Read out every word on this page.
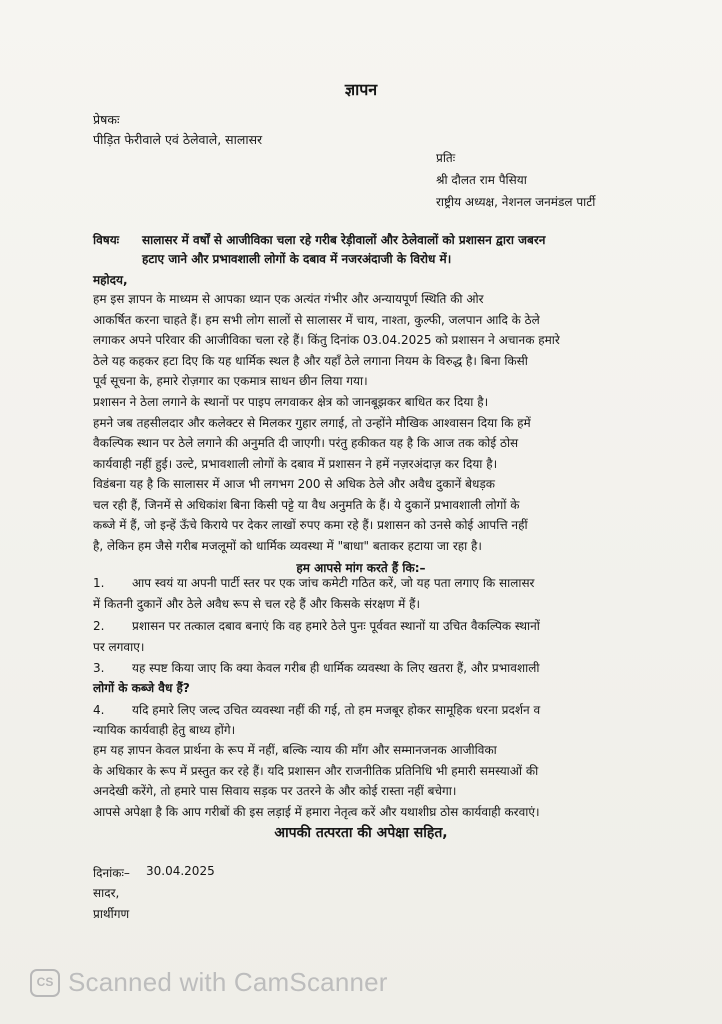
ज्ञापन
प्रेषकः
पीड़ित फेरीवाले एवं ठेलेवाले, सालासर
प्रतिः
श्री दौलत राम पैसिया
राष्ट्रीय अध्यक्ष, नेशनल जनमंडल पार्टी
विषयः सालासर में वर्षों से आजीविका चला रहे गरीब रेड़ीवालों और ठेलेवालों को प्रशासन द्वारा जबरन
हटाए जाने और प्रभावशाली लोगों के दबाव में नजरअंदाजी के विरोध में।
महोदय,
हम इस ज्ञापन के माध्यम से आपका ध्यान एक अत्यंत गंभीर और अन्यायपूर्ण स्थिति की ओर
आकर्षित करना चाहते हैं। हम सभी लोग सालों से सालासर में चाय, नाश्ता, कुल्फी, जलपान आदि के ठेले
लगाकर अपने परिवार की आजीविका चला रहे हैं। किंतु दिनांक 03.04.2025 को प्रशासन ने अचानक हमारे
ठेले यह कहकर हटा दिए कि यह धार्मिक स्थल है और यहाँ ठेले लगाना नियम के विरुद्ध है। बिना किसी
पूर्व सूचना के, हमारे रोज़गार का एकमात्र साधन छीन लिया गया।
प्रशासन ने ठेला लगाने के स्थानों पर पाइप लगवाकर क्षेत्र को जानबूझकर बाधित कर दिया है।
हमने जब तहसीलदार और कलेक्टर से मिलकर गुहार लगाई, तो उन्होंने मौखिक आश्वासन दिया कि हमें
वैकल्पिक स्थान पर ठेले लगाने की अनुमति दी जाएगी। परंतु हकीकत यह है कि आज तक कोई ठोस
कार्यवाही नहीं हुई। उल्टे, प्रभावशाली लोगों के दबाव में प्रशासन ने हमें नज़रअंदाज़ कर दिया है।
विडंबना यह है कि सालासर में आज भी लगभग 200 से अधिक ठेले और अवैध दुकानें बेधड़क
चल रही हैं, जिनमें से अधिकांश बिना किसी पट्टे या वैध अनुमति के हैं। ये दुकानें प्रभावशाली लोगों के
कब्जे में हैं, जो इन्हें ऊँचे किराये पर देकर लाखों रुपए कमा रहे हैं। प्रशासन को उनसे कोई आपत्ति नहीं
है, लेकिन हम जैसे गरीब मजलूमों को धार्मिक व्यवस्था में "बाधा" बताकर हटाया जा रहा है।
हम आपसे मांग करते हैं कि:–
1. आप स्वयं या अपनी पार्टी स्तर पर एक जांच कमेटी गठित करें, जो यह पता लगाए कि सालासर
में कितनी दुकानें और ठेले अवैध रूप से चल रहे हैं और किसके संरक्षण में हैं।
2. प्रशासन पर तत्काल दबाव बनाएं कि वह हमारे ठेले पुनः पूर्ववत स्थानों या उचित वैकल्पिक स्थानों
पर लगवाए।
3. यह स्पष्ट किया जाए कि क्या केवल गरीब ही धार्मिक व्यवस्था के लिए खतरा हैं, और प्रभावशाली
लोगों के कब्जे वैध हैं?
4. यदि हमारे लिए जल्द उचित व्यवस्था नहीं की गई, तो हम मजबूर होकर सामूहिक धरना प्रदर्शन व
न्यायिक कार्यवाही हेतु बाध्य होंगे।
हम यह ज्ञापन केवल प्रार्थना के रूप में नहीं, बल्कि न्याय की माँग और सम्मानजनक आजीविका
के अधिकार के रूप में प्रस्तुत कर रहे हैं। यदि प्रशासन और राजनीतिक प्रतिनिधि भी हमारी समस्याओं की
अनदेखी करेंगे, तो हमारे पास सिवाय सड़क पर उतरने के और कोई रास्ता नहीं बचेगा।
आपसे अपेक्षा है कि आप गरीबों की इस लड़ाई में हमारा नेतृत्व करें और यथाशीघ्र ठोस कार्यवाही करवाएं।
आपकी तत्परता की अपेक्षा सहित,
दिनांकः– 30.04.2025
सादर,
प्रार्थीगण
CS Scanned with CamScanner
